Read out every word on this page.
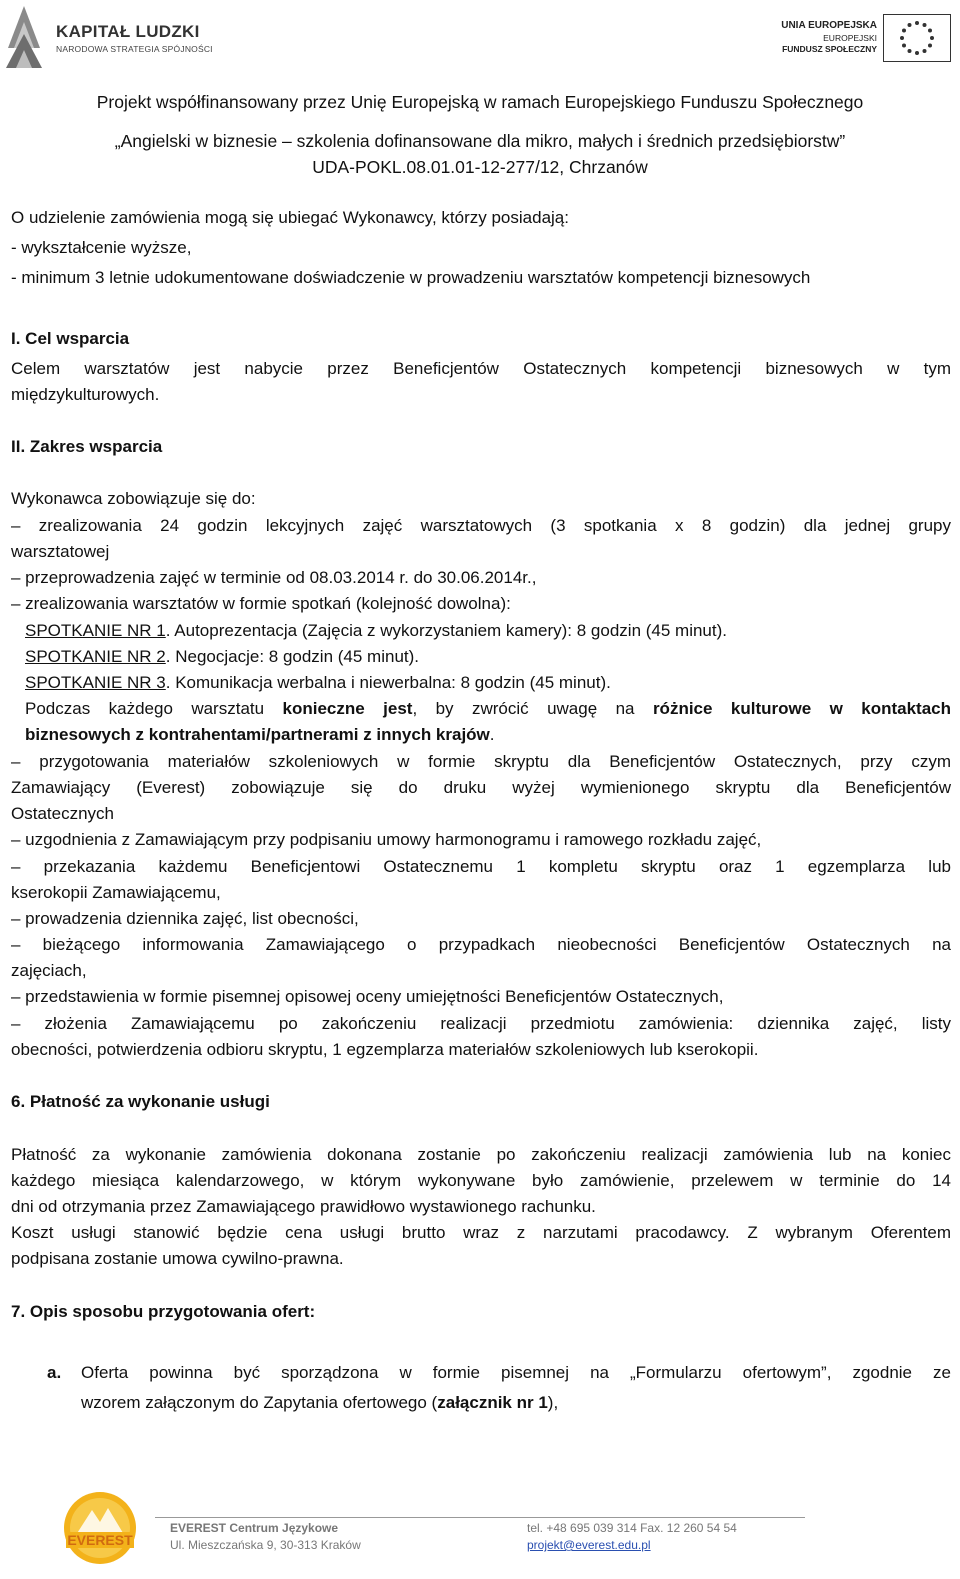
KAPITAŁ LUDZKI
NARODOWA STRATEGIA SPÓJNOŚCI
UNIA EUROPEJSKA
EUROPEJSKI
FUNDUSZ SPOŁECZNY
Projekt współfinansowany przez Unię Europejską w ramach Europejskiego Funduszu Społecznego
„Angielski w biznesie – szkolenia dofinansowane dla mikro, małych i średnich przedsiębiorstw”
UDA-POKL.08.01.01-12-277/12, Chrzanów
O udzielenie zamówienia mogą się ubiegać Wykonawcy, którzy posiadają:
- wykształcenie wyższe,
- minimum 3 letnie udokumentowane doświadczenie w prowadzeniu warsztatów kompetencji biznesowych
I. Cel wsparcia
Celem warsztatów jest nabycie przez Beneficjentów Ostatecznych kompetencji biznesowych w tym
międzykulturowych.
II. Zakres wsparcia
Wykonawca zobowiązuje się do:
– zrealizowania 24 godzin lekcyjnych zajęć warsztatowych (3 spotkania x 8 godzin) dla jednej grupy
warsztatowej
– przeprowadzenia zajęć w terminie od 08.03.2014 r. do 30.06.2014r.,
– zrealizowania warsztatów w formie spotkań (kolejność dowolna):
SPOTKANIE NR 1. Autoprezentacja (Zajęcia z wykorzystaniem kamery): 8 godzin (45 minut).
SPOTKANIE NR 2. Negocjacje: 8 godzin (45 minut).
SPOTKANIE NR 3. Komunikacja werbalna i niewerbalna: 8 godzin (45 minut).
Podczas każdego warsztatu konieczne jest, by zwrócić uwagę na różnice kulturowe w kontaktach
biznesowych z kontrahentami/partnerami z innych krajów.
– przygotowania materiałów szkoleniowych w formie skryptu dla Beneficjentów Ostatecznych, przy czym
Zamawiający (Everest) zobowiązuje się do druku wyżej wymienionego skryptu dla Beneficjentów
Ostatecznych
– uzgodnienia z Zamawiającym przy podpisaniu umowy harmonogramu i ramowego rozkładu zajęć,
– przekazania każdemu Beneficjentowi Ostatecznemu 1 kompletu skryptu oraz 1 egzemplarza lub
kserokopii Zamawiającemu,
– prowadzenia dziennika zajęć, list obecności,
– bieżącego informowania Zamawiającego o przypadkach nieobecności Beneficjentów Ostatecznych na
zajęciach,
– przedstawienia w formie pisemnej opisowej oceny umiejętności Beneficjentów Ostatecznych,
– złożenia Zamawiającemu po zakończeniu realizacji przedmiotu zamówienia: dziennika zajęć, listy
obecności, potwierdzenia odbioru skryptu, 1 egzemplarza materiałów szkoleniowych lub kserokopii.
6. Płatność za wykonanie usługi
Płatność za wykonanie zamówienia dokonana zostanie po zakończeniu realizacji zamówienia lub na koniec
każdego miesiąca kalendarzowego, w którym wykonywane było zamówienie, przelewem w terminie do 14
dni od otrzymania przez Zamawiającego prawidłowo wystawionego rachunku.
Koszt usługi stanowić będzie cena usługi brutto wraz z narzutami pracodawcy. Z wybranym Oferentem
podpisana zostanie umowa cywilno-prawna.
7. Opis sposobu przygotowania ofert:
a. Oferta powinna być sporządzona w formie pisemnej na „Formularzu ofertowym”, zgodnie ze
wzorem załączonym do Zapytania ofertowego (załącznik nr 1),
EVEREST
EVEREST Centrum Językowe
Ul. Mieszczańska 9, 30-313 Kraków
tel. +48 695 039 314 Fax. 12 260 54 54
projekt@everest.edu.pl
